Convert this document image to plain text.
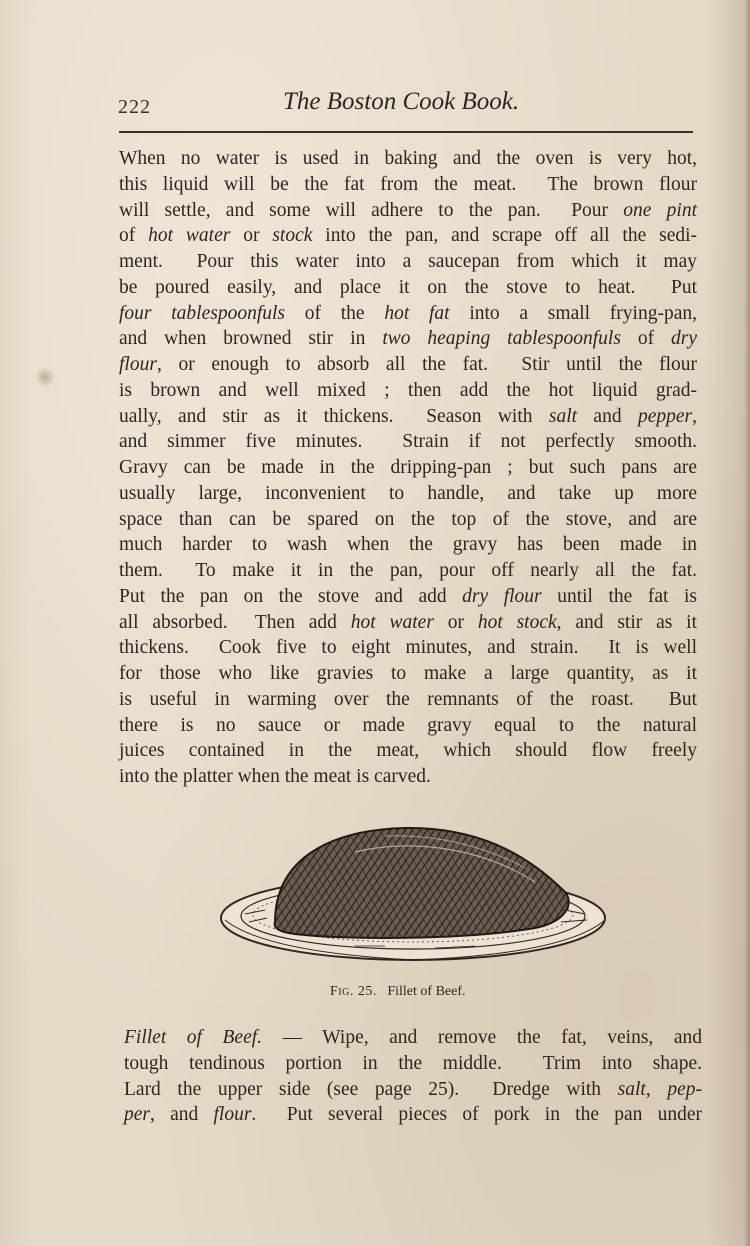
222	The Boston Cook Book.
When no water is used in baking and the oven is very hot,
this liquid will be the fat from the meat.  The brown flour
will settle, and some will adhere to the pan.  Pour one pint
of hot water or stock into the pan, and scrape off all the sedi-
ment.  Pour this water into a saucepan from which it may
be poured easily, and place it on the stove to heat.  Put
four tablespoonfuls of the hot fat into a small frying-pan,
and when browned stir in two heaping tablespoonfuls of dry
flour, or enough to absorb all the fat.  Stir until the flour
is brown and well mixed ; then add the hot liquid grad-
ually, and stir as it thickens.  Season with salt and pepper,
and simmer five minutes.  Strain if not perfectly smooth.
Gravy can be made in the dripping-pan ; but such pans are
usually large, inconvenient to handle, and take up more
space than can be spared on the top of the stove, and are
much harder to wash when the gravy has been made in
them.  To make it in the pan, pour off nearly all the fat.
Put the pan on the stove and add dry flour until the fat is
all absorbed.  Then add hot water or hot stock, and stir as it
thickens.  Cook five to eight minutes, and strain.  It is well
for those who like gravies to make a large quantity, as it
is useful in warming over the remnants of the roast.  But
there is no sauce or made gravy equal to the natural
juices contained in the meat, which should flow freely
into the platter when the meat is carved.
Fig. 25. Fillet of Beef.
Fillet of Beef. — Wipe, and remove the fat, veins, and
tough tendinous portion in the middle.  Trim into shape.
Lard the upper side (see page 25).  Dredge with salt, pep-
per, and flour.  Put several pieces of pork in the pan under
